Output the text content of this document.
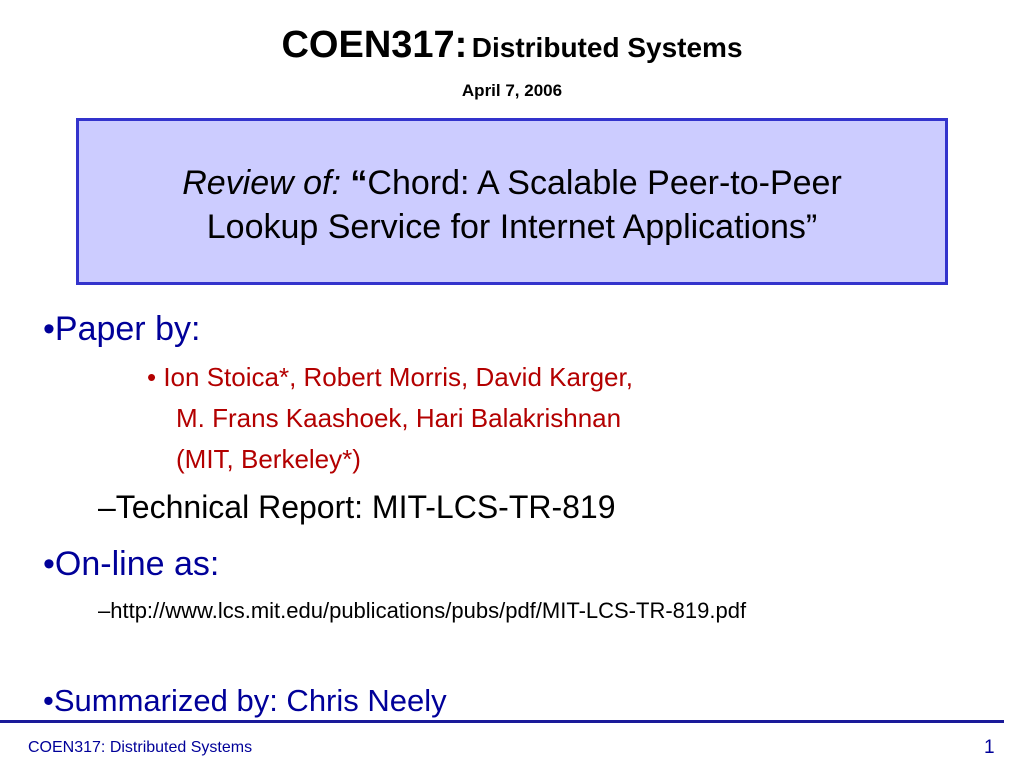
COEN317: Distributed Systems
April 7, 2006
Review of: “Chord: A Scalable Peer-to-Peer
Lookup Service for Internet Applications”
•Paper by:
• Ion Stoica*, Robert Morris, David Karger,
M. Frans Kaashoek, Hari Balakrishnan
(MIT, Berkeley*)
–Technical Report: MIT-LCS-TR-819
•On-line as:
–http://www.lcs.mit.edu/publications/pubs/pdf/MIT-LCS-TR-819.pdf
•Summarized by: Chris Neely
COEN317: Distributed Systems	1
